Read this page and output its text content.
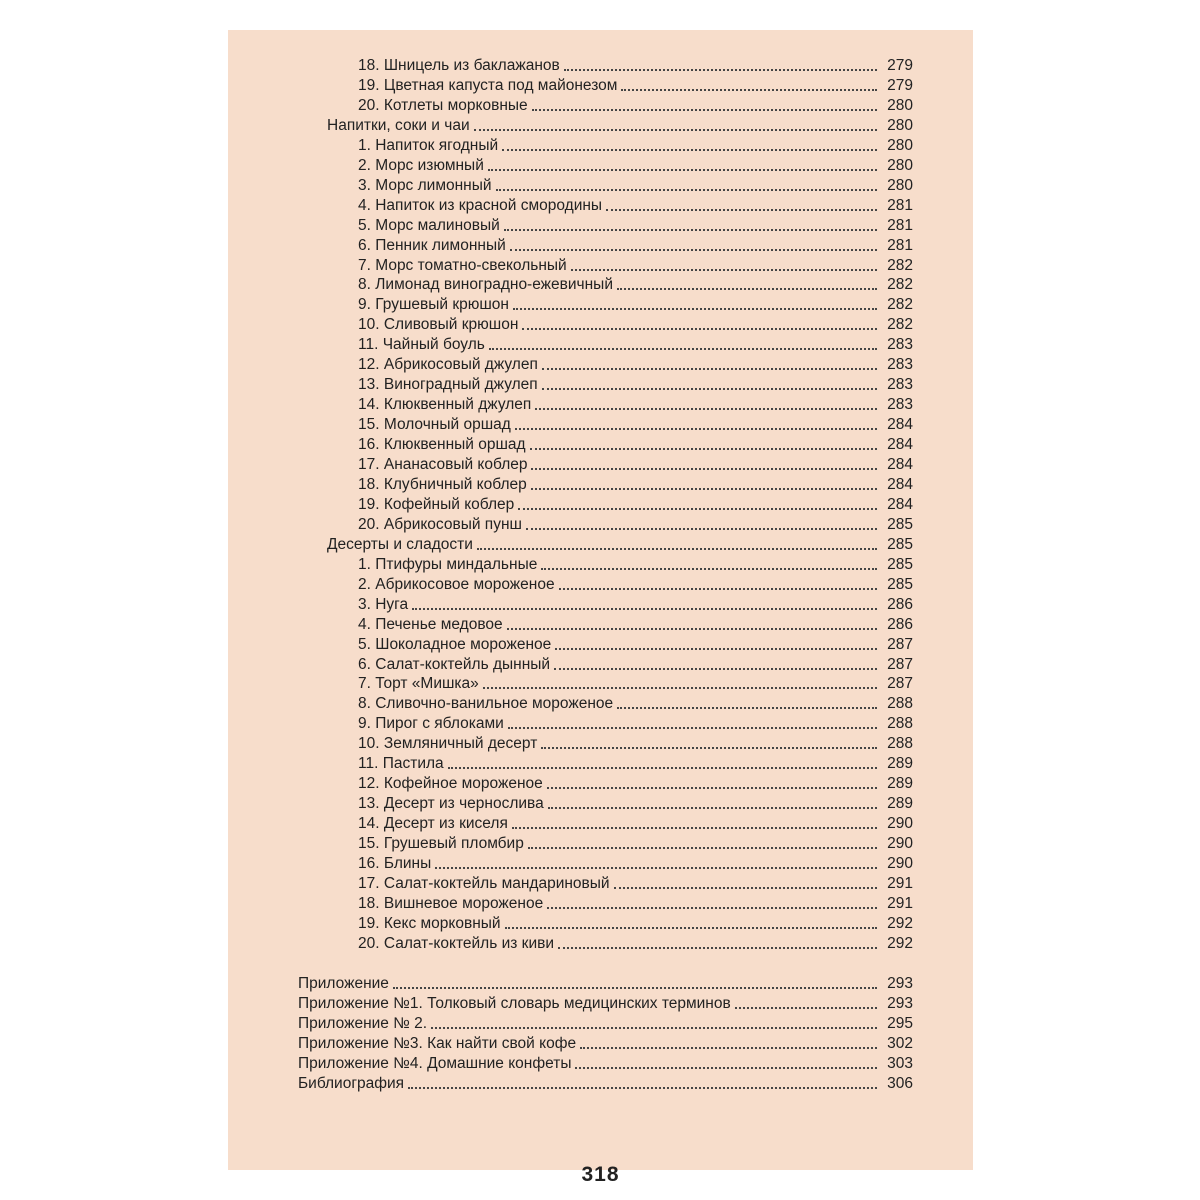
18. Шницель из баклажанов	279
19. Цветная капуста под майонезом	279
20. Котлеты морковные	280
Напитки, соки и чаи	280
1. Напиток ягодный	280
2. Морс изюмный	280
3. Морс лимонный	280
4. Напиток из красной смородины	281
5. Морс малиновый	281
6. Пенник лимонный	281
7. Морс томатно-свекольный	282
8. Лимонад виноградно-ежевичный	282
9. Грушевый крюшон	282
10. Сливовый крюшон	282
11. Чайный боуль	283
12. Абрикосовый джулеп	283
13. Виноградный джулеп	283
14. Клюквенный джулеп	283
15. Молочный оршад	284
16. Клюквенный оршад	284
17. Ананасовый коблер	284
18. Клубничный коблер	284
19. Кофейный коблер	284
20. Абрикосовый пунш	285
Десерты и сладости	285
1. Птифуры миндальные	285
2. Абрикосовое мороженое	285
3. Нуга	286
4. Печенье медовое	286
5. Шоколадное мороженое	287
6. Салат-коктейль дынный	287
7. Торт «Мишка»	287
8. Сливочно-ванильное мороженое	288
9. Пирог с яблоками	288
10. Земляничный десерт	288
11. Пастила	289
12. Кофейное мороженое	289
13. Десерт из чернослива	289
14. Десерт из киселя	290
15. Грушевый пломбир	290
16. Блины	290
17. Салат-коктейль мандариновый	291
18. Вишневое мороженое	291
19. Кекс морковный	292
20. Салат-коктейль из киви	292
Приложение	293
Приложение №1. Толковый словарь медицинских терминов	293
Приложение № 2.	295
Приложение №3. Как найти свой кофе	302
Приложение №4. Домашние конфеты	303
Библиография	306
318
